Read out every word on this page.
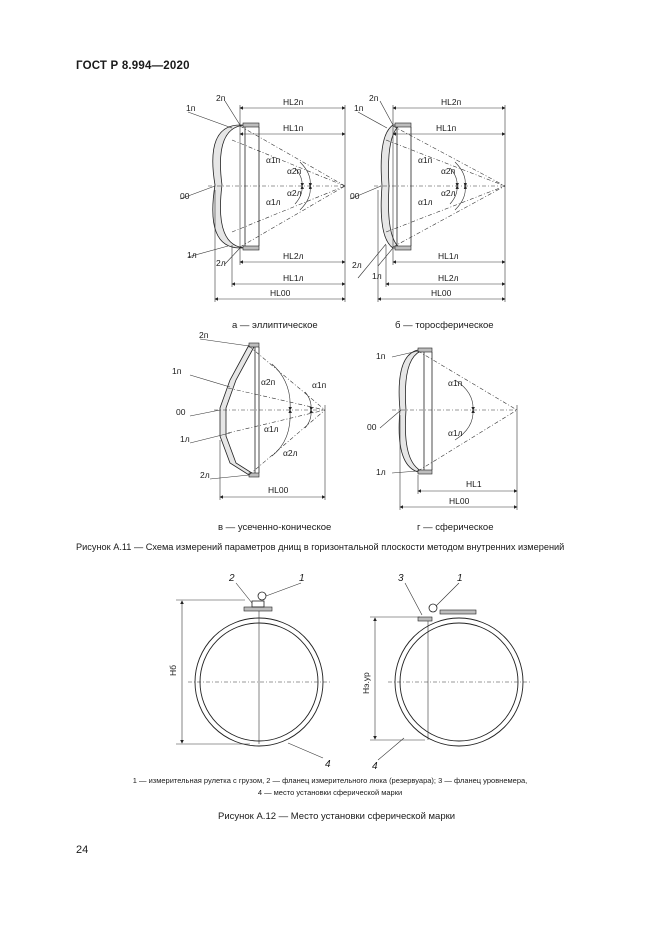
ГОСТ Р 8.994—2020
2п
1п
00
1л
2л
HL2п
HL1п
HL2л
HL1л
HL00
α1п
α2п
α2л
α1л
2п
1п
00
2л
1л
HL2п
HL1п
HL1л
HL2л
HL00
α1п
α2п
α2л
α1л
2п
1п
00
1л
2л
α2п	α1п
α1л
α2л
HL00
1п
00
1л
α1п
α1л
HL1
HL00
2	1
4
Hб
3	1
4
Hэ.ур
а — эллиптическое	б — торосферическое
в — усеченно-коническое	г — сферическое
Рисунок А.11 — Схема измерений параметров днищ в горизонтальной плоскости методом внутренних измерений
1 — измерительная рулетка с грузом, 2 — фланец измерительного люка (резервуара); 3 — фланец уровнемера,
4 — место установки сферической марки
Рисунок А.12 — Место установки сферической марки
24
